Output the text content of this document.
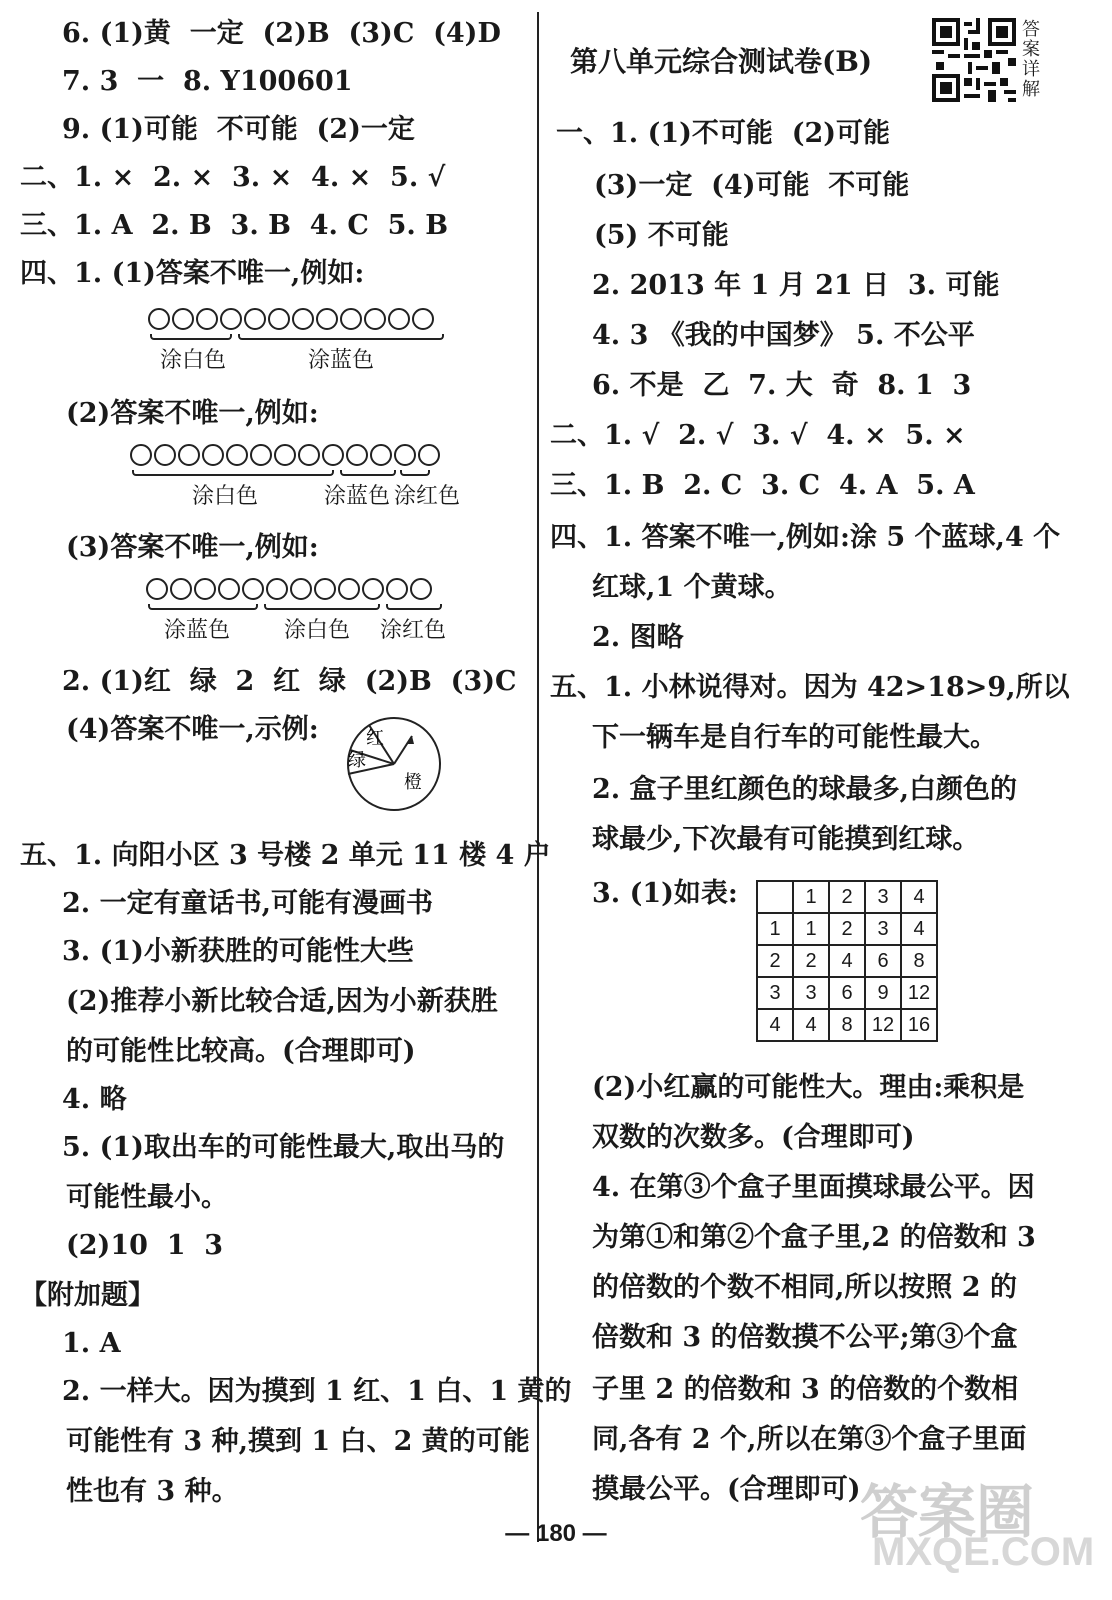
6. (1)黄  一定  (2)B  (3)C  (4)D
7. 3  一  8. Y100601
9. (1)可能  不可能  (2)一定
二、1. ×  2. ×  3. ×  4. ×  5. √
三、1. A  2. B  3. B  4. C  5. B
四、1. (1)答案不唯一,例如:
涂白色	涂蓝色
(2)答案不唯一,例如:
涂白色	涂蓝色 涂红色
(3)答案不唯一,例如:
涂蓝色 涂白色 涂红色
2. (1)红  绿  2  红  绿  (2)B  (3)C
(4)答案不唯一,示例:	红
绿
橙
五、1. 向阳小区 3 号楼 2 单元 11 楼 4 户
2. 一定有童话书,可能有漫画书
3. (1)小新获胜的可能性大些
(2)推荐小新比较合适,因为小新获胜
的可能性比较高。(合理即可)
4. 略
5. (1)取出车的可能性最大,取出马的
可能性最小。
(2)10  1  3
【附加题】
1. A
2. 一样大。因为摸到 1 红、1 白、1 黄的
可能性有 3 种,摸到 1 白、2 黄的可能
性也有 3 种。
第八单元综合测试卷(B)
答案详解
一、1. (1)不可能  (2)可能
(3)一定  (4)可能  不可能
(5) 不可能
2. 2013 年 1 月 21 日  3. 可能
4. 3 《我的中国梦》 5. 不公平
6. 不是  乙  7. 大  奇  8. 1  3
二、1. √  2. √  3. √  4. ×  5. ×
三、1. B  2. C  3. C  4. A  5. A
四、1. 答案不唯一,例如:涂 5 个蓝球,4 个
红球,1 个黄球。
2. 图略
五、1. 小林说得对。因为 42>18>9,所以
下一辆车是自行车的可能性最大。
2. 盒子里红颜色的球最多,白颜色的
球最少,下次最有可能摸到红球。
3. (1)如表:
		1	2	3	4
1	1	2	3	4
2	2	4	6	8
3	3	6	9	12
4	4	8	12	16
(2)小红赢的可能性大。理由:乘积是
双数的次数多。(合理即可)
4. 在第③个盒子里面摸球最公平。因
为第①和第②个盒子里,2 的倍数和 3
的倍数的个数不相同,所以按照 2 的
倍数和 3 的倍数摸不公平;第③个盒
子里 2 的倍数和 3 的倍数的个数相
同,各有 2 个,所以在第③个盒子里面
摸最公平。(合理即可) 答案圈
MXQE.COM
— 180 —
